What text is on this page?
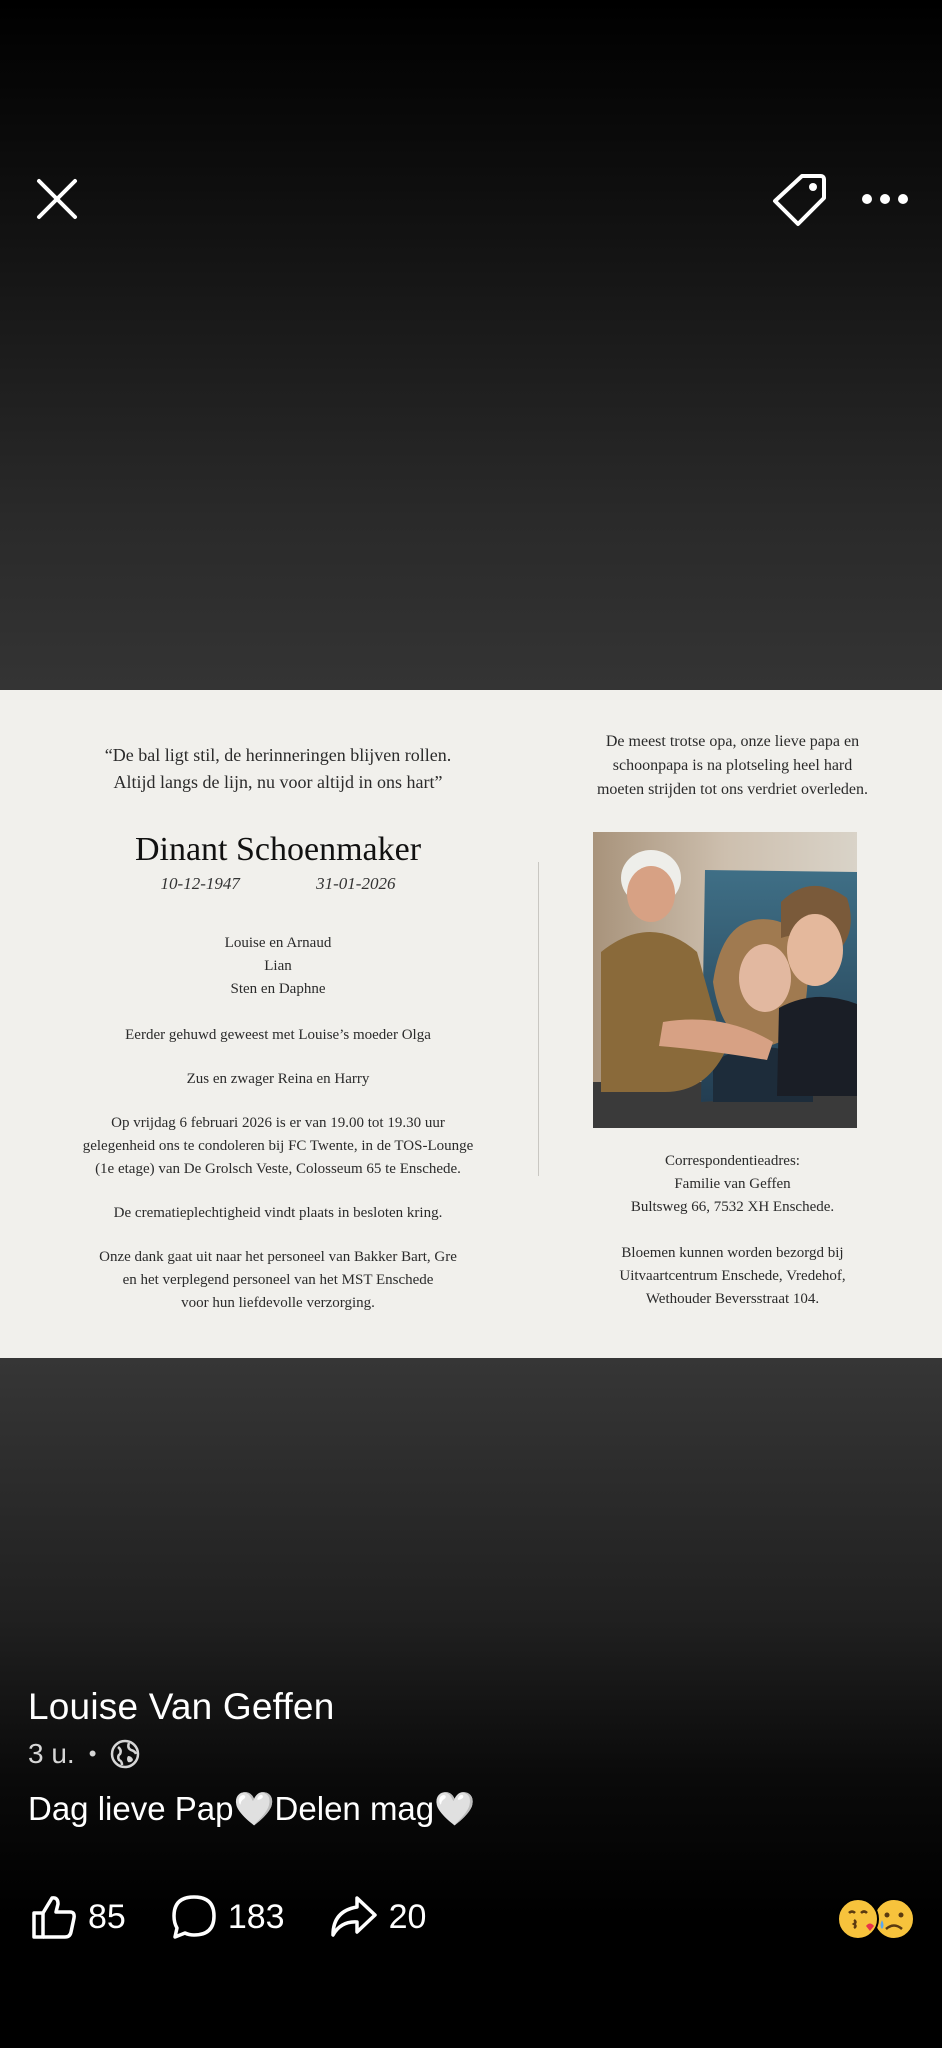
“De bal ligt stil, de herinneringen blijven rollen.
Altijd langs de lijn, nu voor altijd in ons hart”
Dinant Schoenmaker
10-12-1947	31-01-2026
Louise en Arnaud
Lian
Sten en Daphne
Eerder gehuwd geweest met Louise’s moeder Olga
Zus en zwager Reina en Harry
Op vrijdag 6 februari 2026 is er van 19.00 tot 19.30 uur
gelegenheid ons te condoleren bij FC Twente, in de TOS-Lounge
(1e etage) van De Grolsch Veste, Colosseum 65 te Enschede.
De crematieplechtigheid vindt plaats in besloten kring.
Onze dank gaat uit naar het personeel van Bakker Bart, Gre
en het verplegend personeel van het MST Enschede
voor hun liefdevolle verzorging.
De meest trotse opa, onze lieve papa en
schoonpapa is na plotseling heel hard
moeten strijden tot ons verdriet overleden.
Correspondentieadres:
Familie van Geffen
Bultsweg 66, 7532 XH Enschede.
Bloemen kunnen worden bezorgd bij
Uitvaartcentrum Enschede, Vredehof,
Wethouder Beversstraat 104.
Louise Van Geffen
3 u. •
Dag lieve Pap🤍Delen mag🤍
85	183	20
